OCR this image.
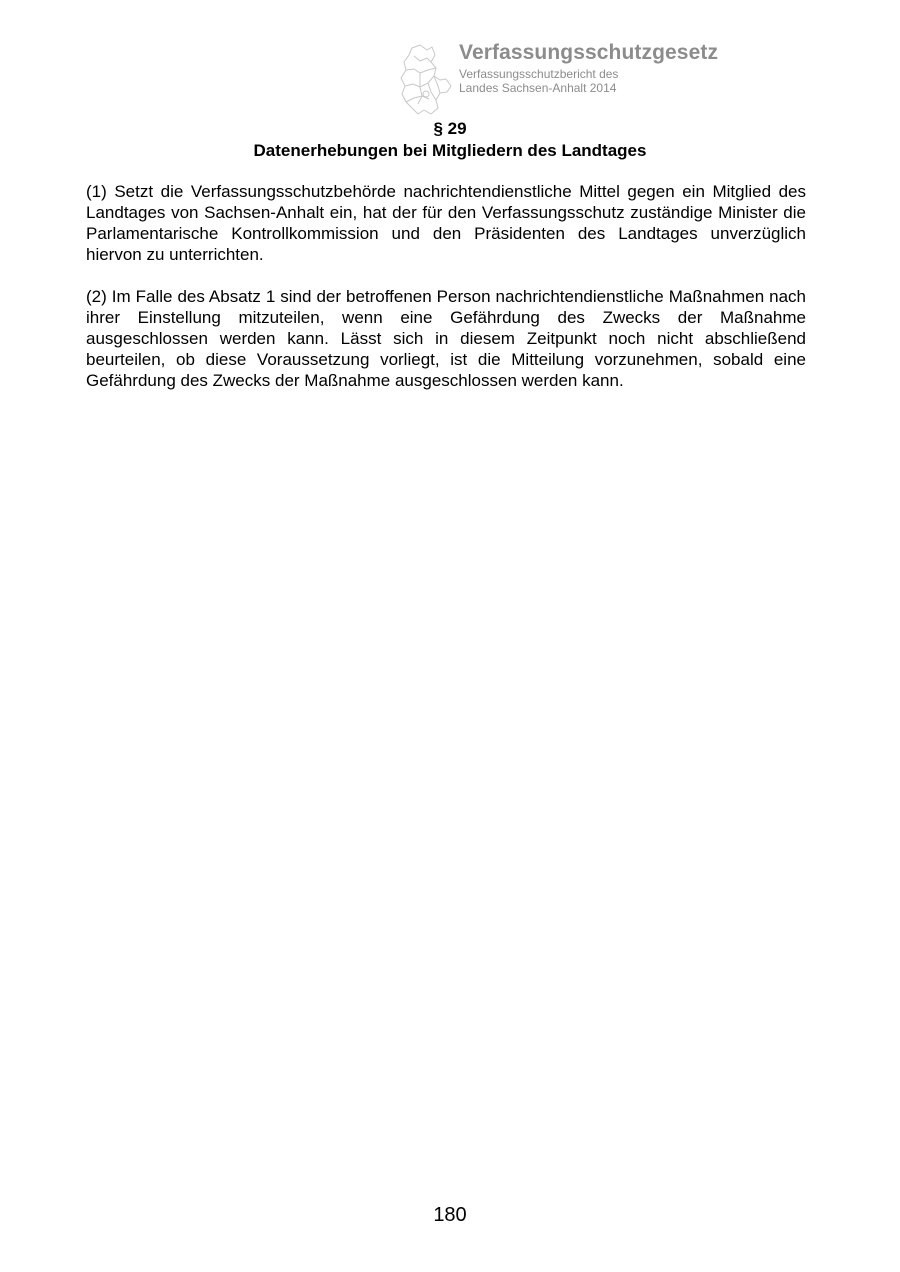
Verfassungsschutzgesetz
Verfassungsschutzbericht des
Landes Sachsen-Anhalt 2014
§ 29
Datenerhebungen bei Mitgliedern des Landtages

(1) Setzt die Verfassungsschutzbehörde nachrichtendienstliche Mittel gegen ein Mitglied des Landtages von Sachsen-Anhalt ein, hat der für den Verfassungsschutz zuständige Minister die Parlamentarische Kontrollkommission und den Präsidenten des Landtages unverzüglich hiervon zu unterrichten.

(2) Im Falle des Absatz 1 sind der betroffenen Person nachrichtendienstliche Maßnahmen nach ihrer Einstellung mitzuteilen, wenn eine Gefährdung des Zwecks der Maßnahme ausgeschlossen werden kann. Lässt sich in diesem Zeitpunkt noch nicht abschließend beurteilen, ob diese Voraussetzung vorliegt, ist die Mitteilung vorzunehmen, sobald eine Gefährdung des Zwecks der Maßnahme ausgeschlossen werden kann.

180
